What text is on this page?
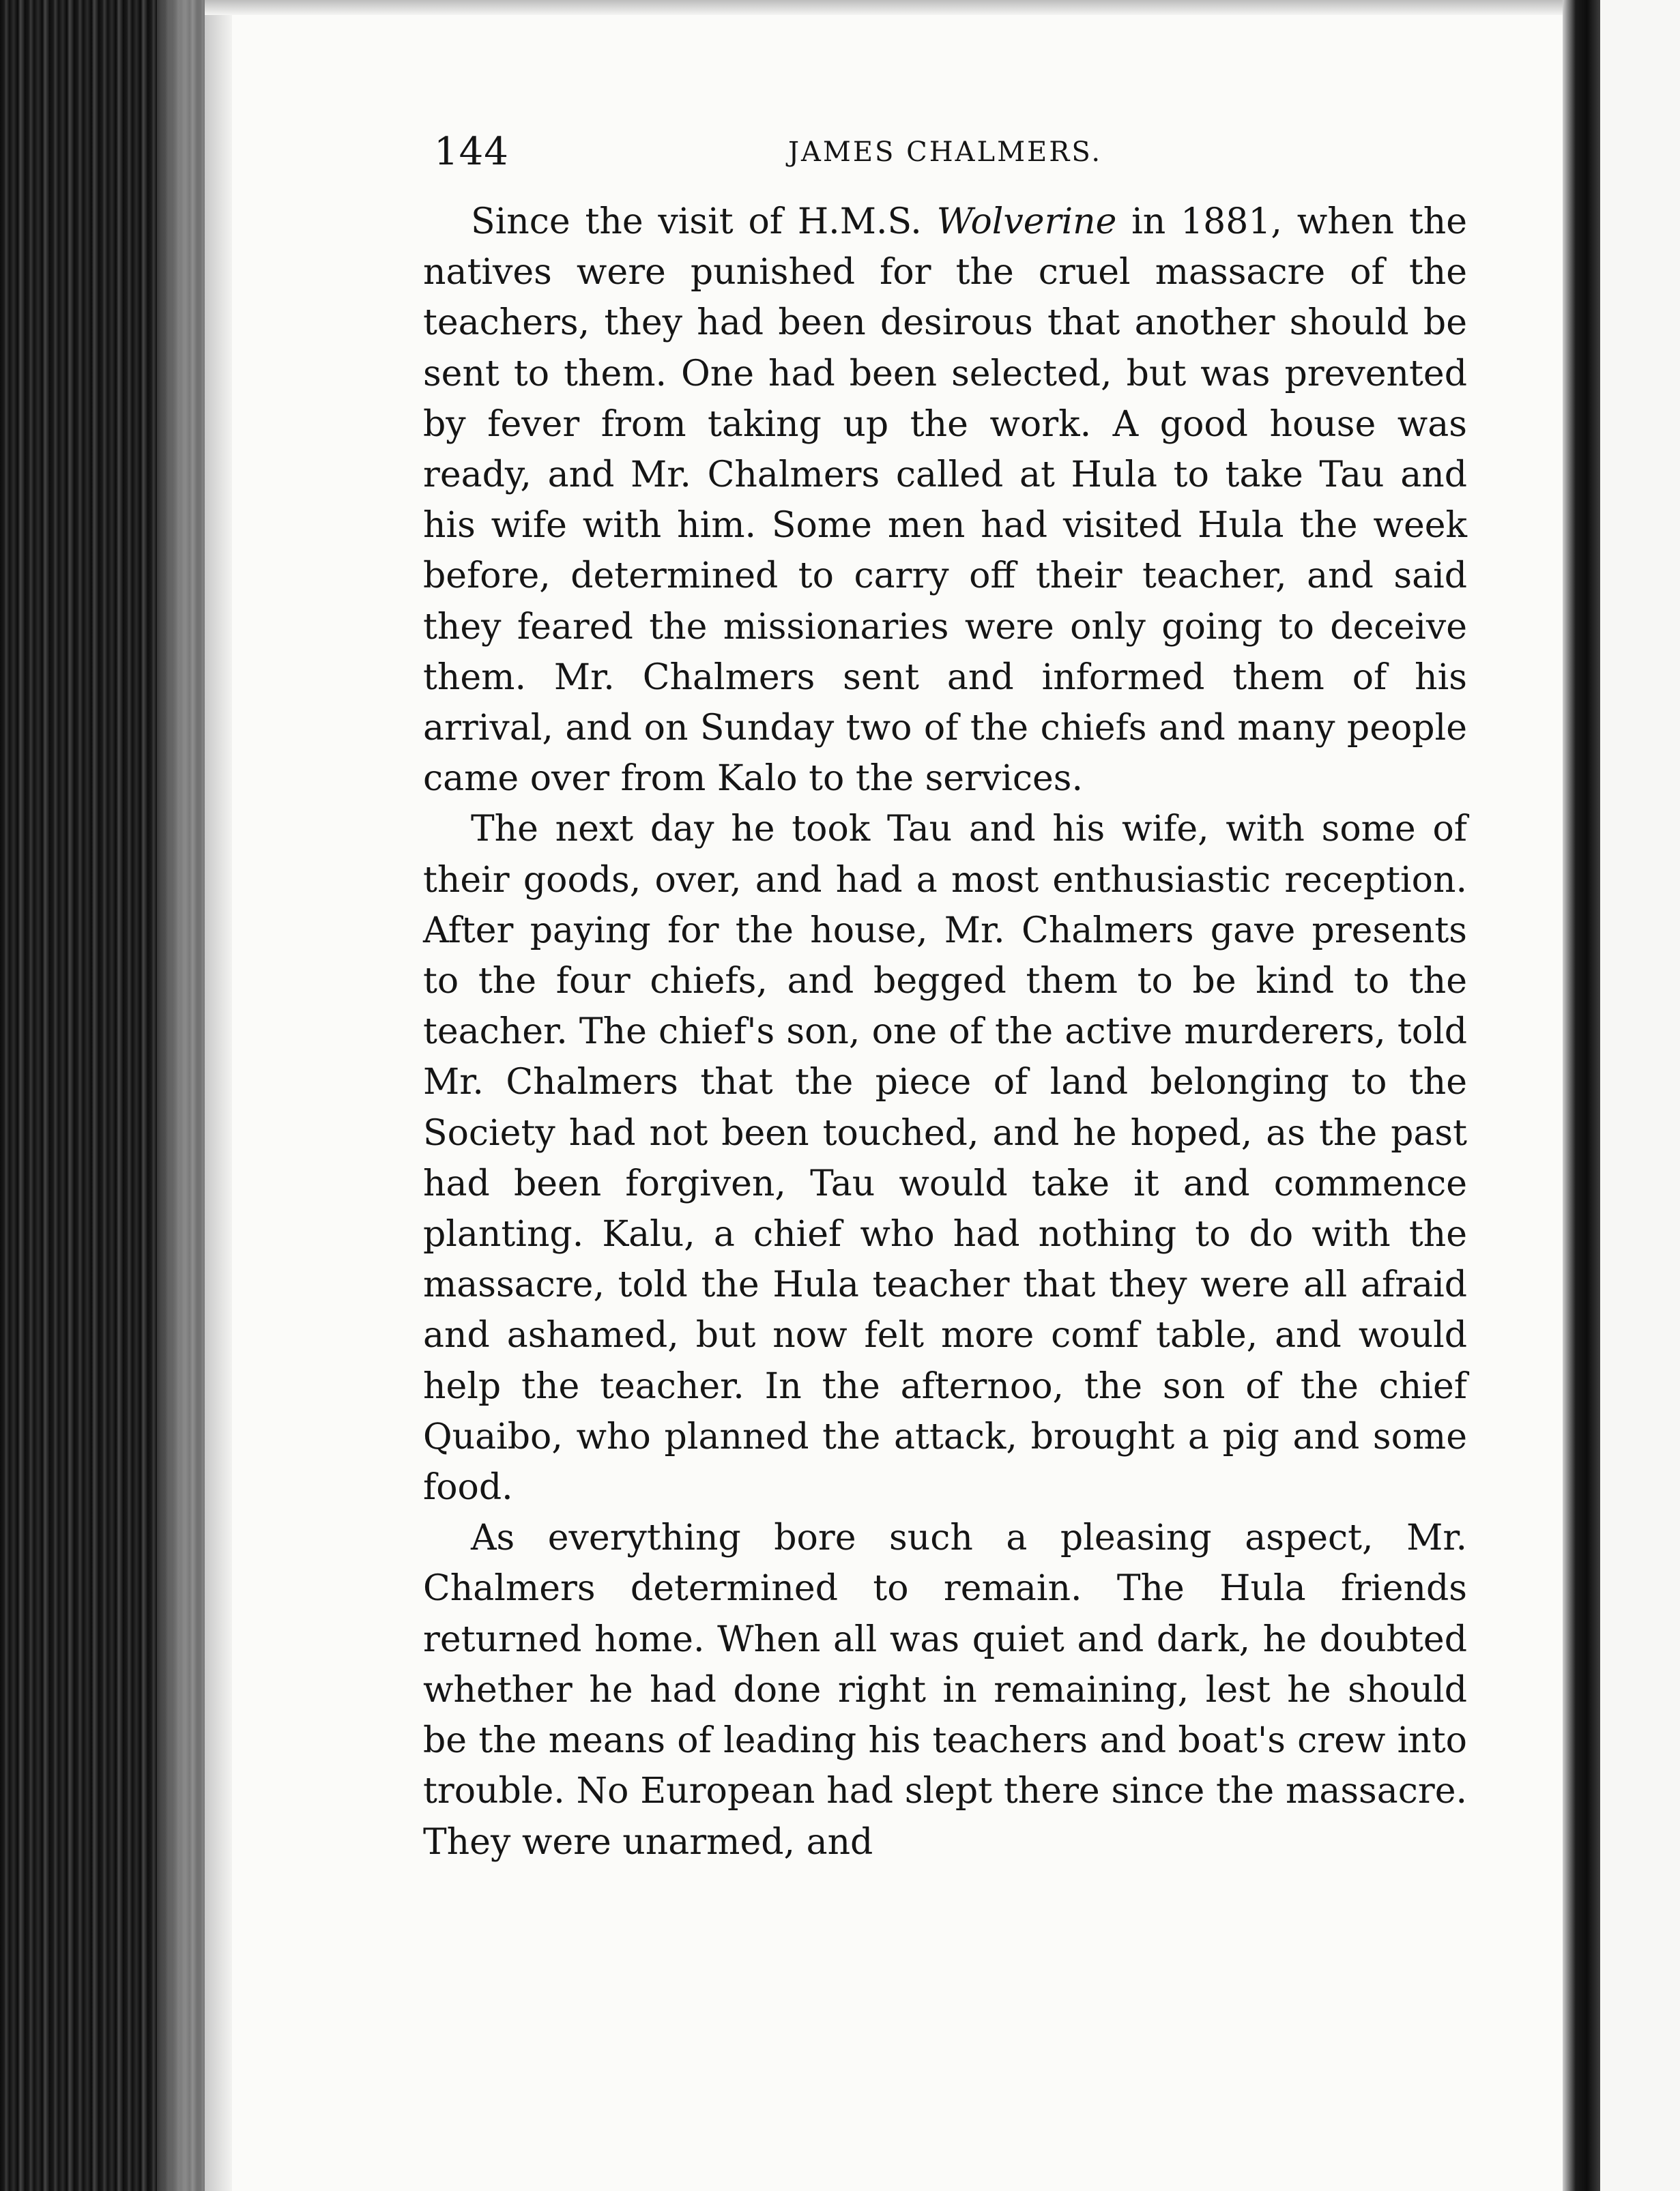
144	JAMES CHALMERS.

Since the visit of H.M.S. Wolverine in 1881, when the natives were punished for the cruel massacre of the teachers, they had been desirous that another should be sent to them. One had been selected, but was prevented by fever from taking up the work. A good house was ready, and Mr. Chalmers called at Hula to take Tau and his wife with him. Some men had visited Hula the week before, determined to carry off their teacher, and said they feared the missionaries were only going to deceive them. Mr. Chalmers sent and informed them of his arrival, and on Sunday two of the chiefs and many people came over from Kalo to the services.

The next day he took Tau and his wife, with some of their goods, over, and had a most enthusiastic reception. After paying for the house, Mr. Chalmers gave presents to the four chiefs, and begged them to be kind to the teacher. The chief's son, one of the active murderers, told Mr. Chalmers that the piece of land belonging to the Society had not been touched, and he hoped, as the past had been forgiven, Tau would take it and commence planting. Kalu, a chief who had nothing to do with the massacre, told the Hula teacher that they were all afraid and ashamed, but now felt more comf table, and would help the teacher. In the afternoo, the son of the chief Quaibo, who planned the attack, brought a pig and some food.

As everything bore such a pleasing aspect, Mr. Chalmers determined to remain. The Hula friends returned home. When all was quiet and dark, he doubted whether he had done right in remaining, lest he should be the means of leading his teachers and boat's crew into trouble. No European had slept there since the massacre. They were unarmed, and
